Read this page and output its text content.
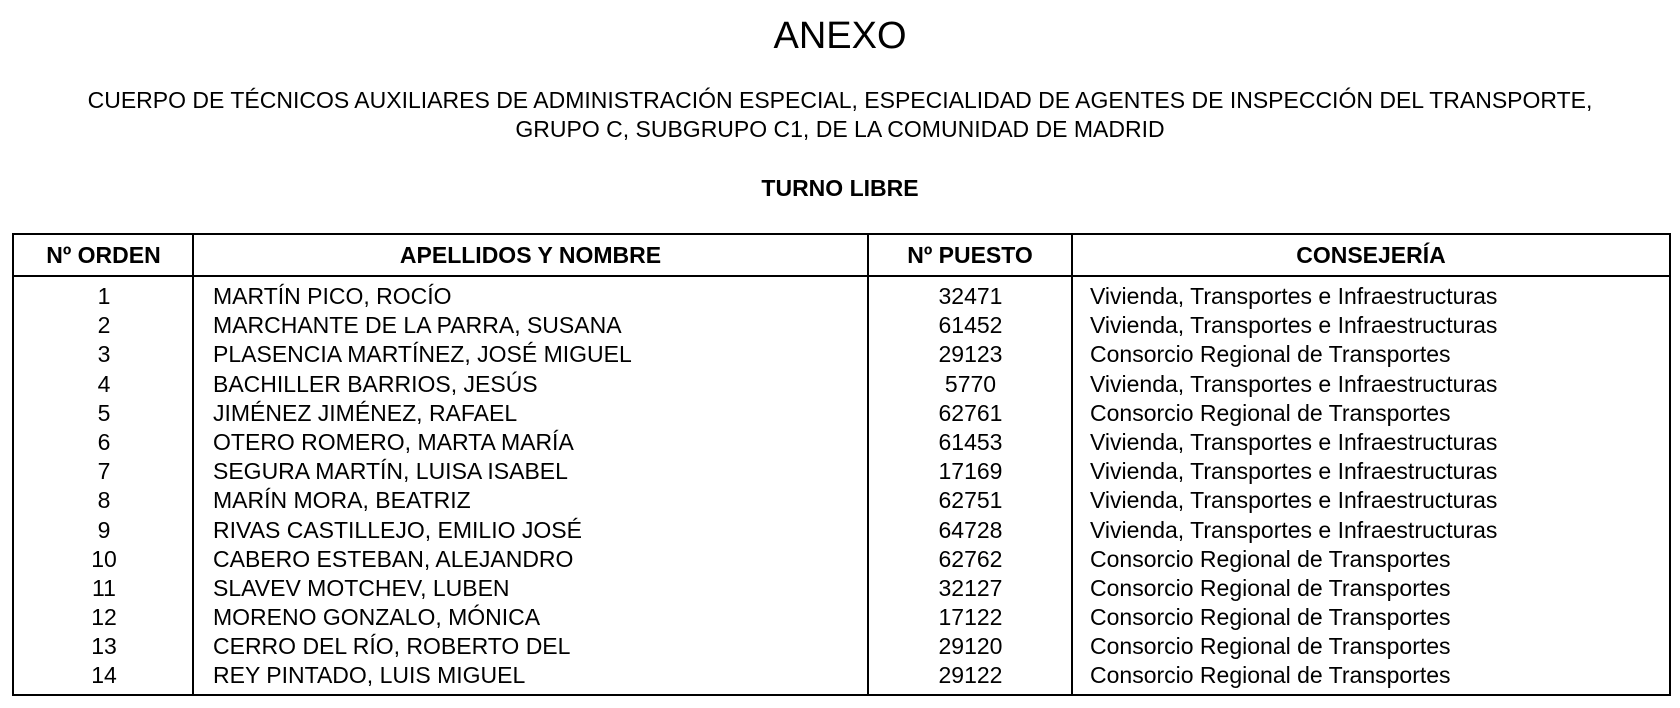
ANEXO
CUERPO DE TÉCNICOS AUXILIARES DE ADMINISTRACIÓN ESPECIAL, ESPECIALIDAD DE AGENTES DE INSPECCIÓN DEL TRANSPORTE,
GRUPO C, SUBGRUPO C1, DE LA COMUNIDAD DE MADRID
TURNO LIBRE
Nº ORDEN	APELLIDOS Y NOMBRE	Nº PUESTO	CONSEJERÍA
1	MARTÍN PICO, ROCÍO	32471	Vivienda, Transportes e Infraestructuras
2	MARCHANTE DE LA PARRA, SUSANA	61452	Vivienda, Transportes e Infraestructuras
3	PLASENCIA MARTÍNEZ, JOSÉ MIGUEL	29123	Consorcio Regional de Transportes
4	BACHILLER BARRIOS, JESÚS	5770	Vivienda, Transportes e Infraestructuras
5	JIMÉNEZ JIMÉNEZ, RAFAEL	62761	Consorcio Regional de Transportes
6	OTERO ROMERO, MARTA MARÍA	61453	Vivienda, Transportes e Infraestructuras
7	SEGURA MARTÍN, LUISA ISABEL	17169	Vivienda, Transportes e Infraestructuras
8	MARÍN MORA, BEATRIZ	62751	Vivienda, Transportes e Infraestructuras
9	RIVAS CASTILLEJO, EMILIO JOSÉ	64728	Vivienda, Transportes e Infraestructuras
10	CABERO ESTEBAN, ALEJANDRO	62762	Consorcio Regional de Transportes
11	SLAVEV MOTCHEV, LUBEN	32127	Consorcio Regional de Transportes
12	MORENO GONZALO, MÓNICA	17122	Consorcio Regional de Transportes
13	CERRO DEL RÍO, ROBERTO DEL	29120	Consorcio Regional de Transportes
14	REY PINTADO, LUIS MIGUEL	29122	Consorcio Regional de Transportes
